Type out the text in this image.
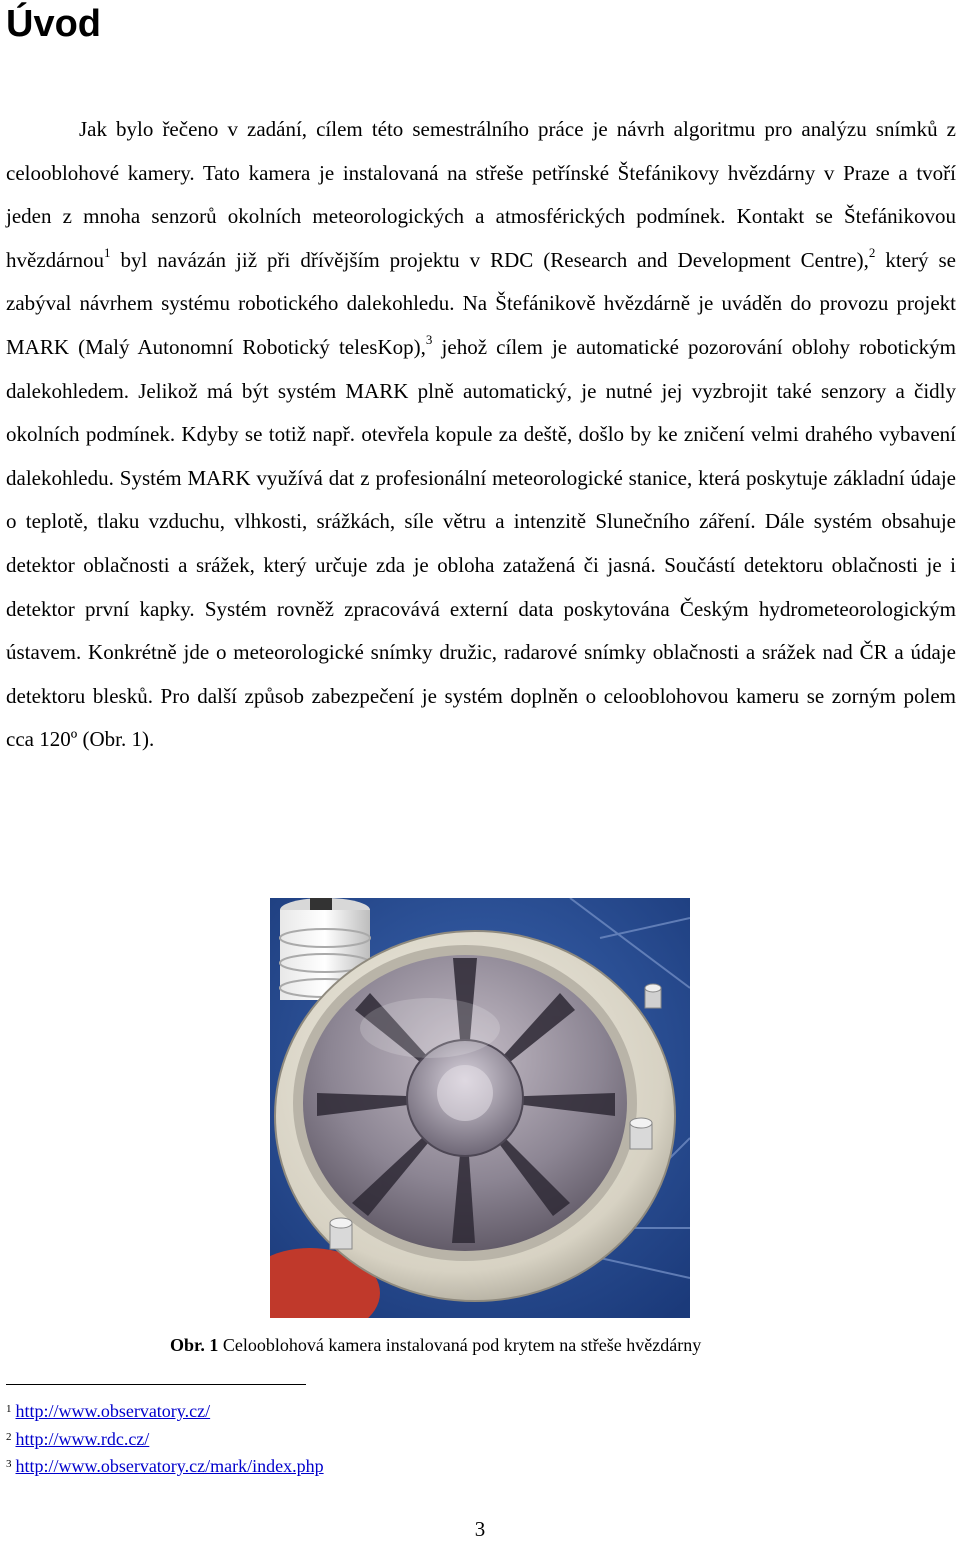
Úvod

Jak bylo řečeno v zadání, cílem této semestrálního práce je návrh algoritmu pro analýzu snímků z celooblohové kamery. Tato kamera je instalovaná na střeše petřínské Štefánikovy hvězdárny v Praze a tvoří jeden z mnoha senzorů okolních meteorologických a atmosférických podmínek. Kontakt se Štefánikovou hvězdárnou$^1$ byl navázán již při dřívějším projektu v RDC (Research and Development Centre),$^2$ který se zabýval návrhem systému robotického dalekohledu. Na Štefánikově hvězdárně je uváděn do provozu projekt MARK (Malý Autonomní Robotický telesKop),$^3$ jehož cílem je automatické pozorování oblohy robotickým dalekohledem. Jelikož má být systém MARK plně automatický, je nutné jej vyzbrojit také senzory a čidly okolních podmínek. Kdyby se totiž např. otevřela kopule za deště, došlo by ke zničení velmi drahého vybavení dalekohledu. Systém MARK využívá dat z profesionální meteorologické stanice, která poskytuje základní údaje o teplotě, tlaku vzduchu, vlhkosti, srážkách, síle větru a intenzitě Slunečního záření. Dále systém obsahuje detektor oblačnosti a srážek, který určuje zda je obloha zatažená či jasná. Součástí detektoru oblačnosti je i detektor první kapky. Systém rovněž zpracovává externí data poskytována Českým hydrometeorologickým ústavem. Konkrétně jde o meteorologické snímky družic, radarové snímky oblačnosti a srážek nad ČR a údaje detektoru blesků. Pro další způsob zabezpečení je systém doplněn o celooblohovou kameru se zorným polem cca 120º (Obr. 1).

Obr. 1 Celooblohová kamera instalovaná pod krytem na střeše hvězdárny

$^1$ http://www.observatory.cz/
$^2$ http://www.rdc.cz/
$^3$ http://www.observatory.cz/mark/index.php

3
